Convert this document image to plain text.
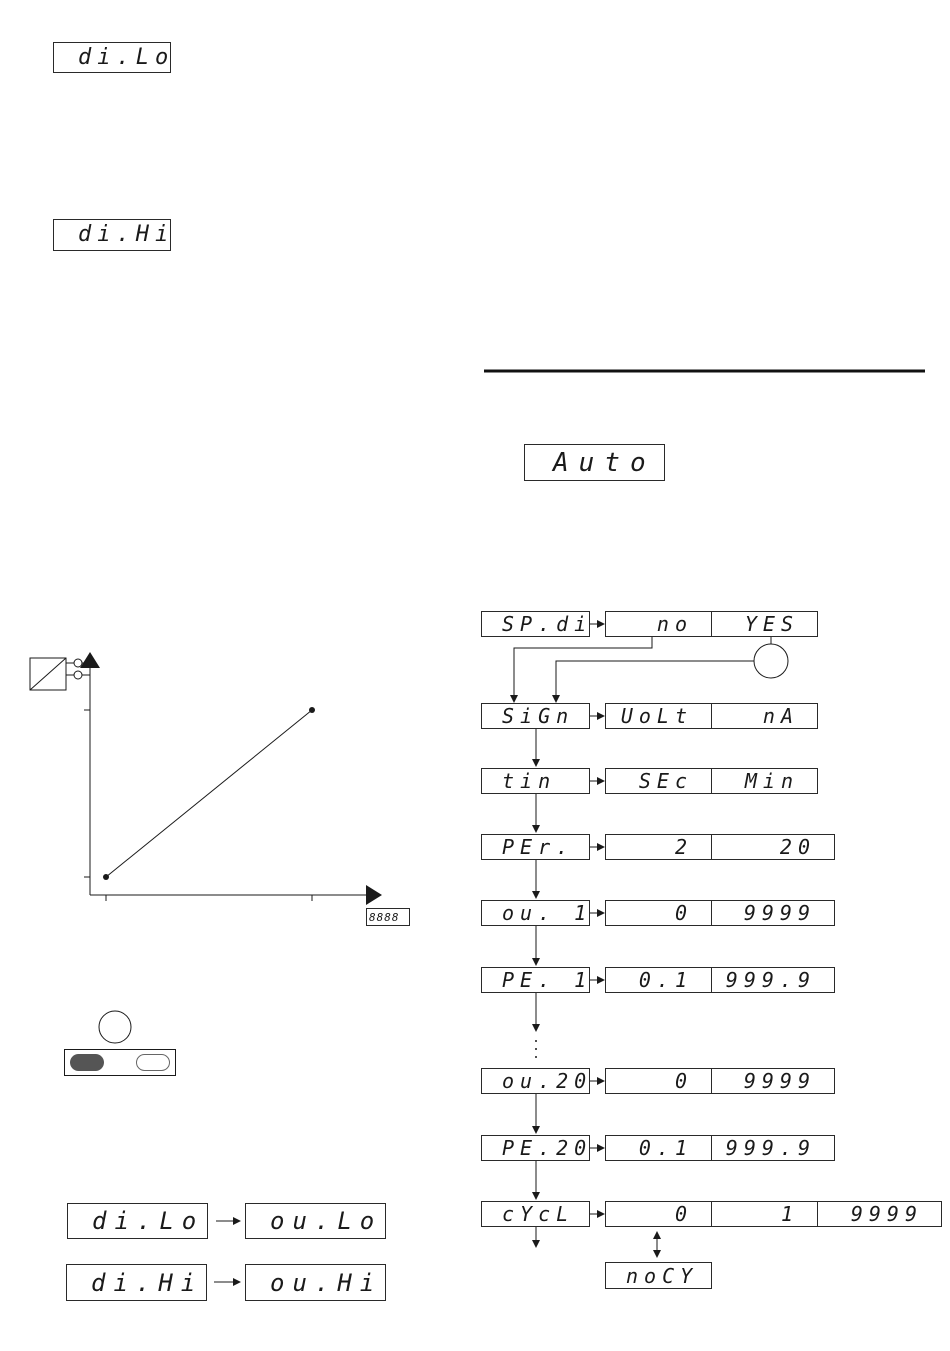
di.Lo
di.Hi
8888
di.Lo	ou.Lo
di.Hi	ou.Hi
Auto
SP.di	no	YES
SiGn	UoLt	nA
tin	SEc	Min
PEr.	2	20
ou. 1	0	9999
PE. 1	0.1	999.9
ou.20	0	9999
PE.20	0.1	999.9
cYcL	0	1	9999
noCY
